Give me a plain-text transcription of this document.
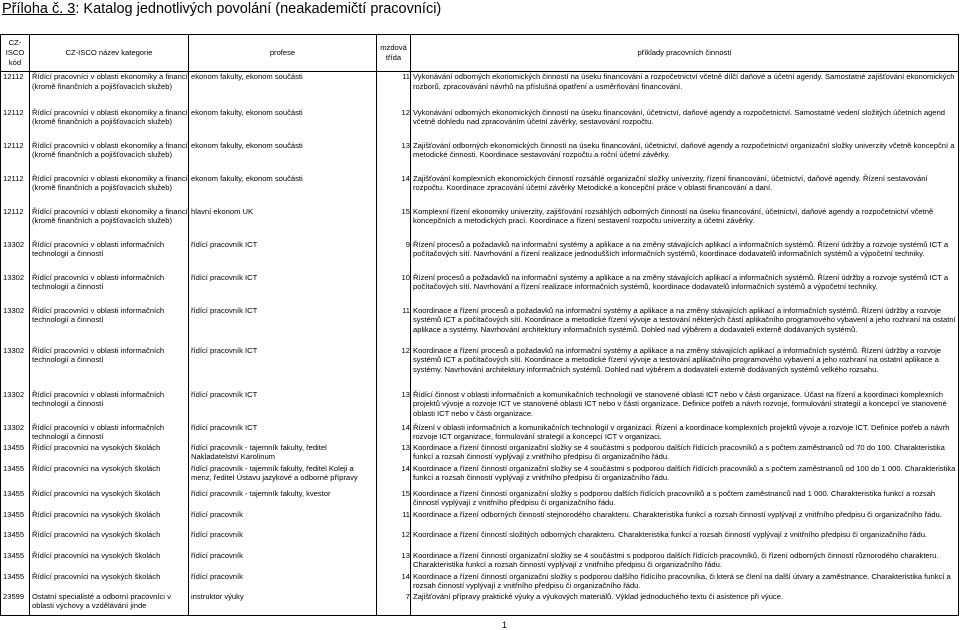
Příloha č. 3: Katalog jednotlivých povolání (neakademičtí pracovníci)
CZ-ISCO kód	CZ-ISCO název kategorie	profese	mzdová třída	příklady pracovních činností
12112	Řídící pracovníci v oblasti ekonomiky a financí (kromě finančních a pojišťovacích služeb)	ekonom fakulty, ekonom součásti	11	Vykonávání odborných ekonomických činností na úseku financování a rozpočetnictví včetně dílčí daňové a účetní agendy. Samostatné zajišťování ekonomických rozborů, zpracovávání návrhů na příslušná opatření a usměrňování financování.
12112	Řídící pracovníci v oblasti ekonomiky a financí (kromě finančních a pojišťovacích služeb)	ekonom fakulty, ekonom součásti	12	Vykonávání odborných ekonomických činností na úseku financování, účetnictví, daňové agendy a rozpočetnictví. Samostatné vedení složitých účetních agend včetně dohledu nad zpracováním účetní závěrky, sestavování rozpočtu.
12112	Řídící pracovníci v oblasti ekonomiky a financí (kromě finančních a pojišťovacích služeb)	ekonom fakulty, ekonom součásti	13	Zajišťování odborných ekonomických činností na úseku financování, účetnictví, daňové agendy a rozpočetnictví organizační složky univerzity včetně koncepční a metodické činnosti. Koordinace sestavování rozpočtu a roční účetní závěrky.
12112	Řídící pracovníci v oblasti ekonomiky a financí (kromě finančních a pojišťovacích služeb)	ekonom fakulty, ekonom součásti	14	Zajišťování komplexních ekonomických činností rozsáhlé organizační složky univerzity, řízení financování, účetnictví, daňové agendy. Řízení sestavování rozpočtu. Koordinace zpracování účetní závěrky Metodické a koncepční práce v oblasti financování a daní.
12112	Řídící pracovníci v oblasti ekonomiky a financí (kromě finančních a pojišťovacích služeb)	hlavní ekonom UK	15	Komplexní řízení ekonomiky univerzity, zajišťování rozsáhlých odborných činností na úseku financování, účetnictví, daňové agendy a rozpočetnictví včetně koncepčních a metodických prací. Koordinace a řízení sestavení rozpočtu univerzity a účetní závěrky.
13302	Řídící pracovníci v oblasti informačních technologií a činností	řídící pracovník ICT	9	Řízení procesů a požadavků na informační systémy a aplikace a na změny stávajících aplikací a informačních systémů. Řízení údržby a rozvoje systémů ICT a počítačových sítí. Navrhování a řízení realizace jednodušších informačních systémů, koordinace dodavatelů informačních systémů a výpočetní techniky.
13302	Řídící pracovníci v oblasti informačních technologií a činností	řídící pracovník ICT	10	Řízení procesů a požadavků na informační systémy a aplikace a na změny stávajících aplikací a informačních systémů. Řízení údržby a rozvoje systémů ICT a počítačových sítí. Navrhování a řízení realizace informačních systémů, koordinace dodavatelů informačních systémů a výpočetní techniky.
13302	Řídící pracovníci v oblasti informačních technologií a činností	řídící pracovník ICT	11	Koordinace a řízení procesů a požadavků na informační systémy a aplikace a na změny stávajících aplikací a informačních systémů. Řízení údržby a rozvoje systémů ICT a počítačových sítí. Koordinace a metodické řízení vývoje a testování některých částí aplikačního programového vybavení a jeho rozhraní na ostatní aplikace a systémy. Navrhování architektury informačních systémů. Dohled nad výběrem a dodavateli externě dodávaných systémů.
13302	Řídící pracovníci v oblasti informačních technologií a činností	řídící pracovník ICT	12	Koordinace a řízení procesů a požadavků na informační systémy a aplikace a na změny stávajících aplikací a informačních systémů. Řízení údržby a rozvoje systémů ICT a počítačových sítí. Koordinace a metodické řízení vývoje a testování aplikačního programového vybavení a jeho rozhraní na ostatní aplikace a systémy. Navrhování architektury informačních systémů. Dohled nad výběrem a dodavateli externě dodávaných systémů velkého rozsahu.
13302	Řídící pracovníci v oblasti informačních technologií a činností	řídící pracovník ICT	13	Řídící činnost v oblasti informačních a komunikačních technologií ve stanovené oblasti ICT nebo v části organizace. Účast na řízení a koordinaci komplexních projektů vývoje a rozvoje ICT ve stanovené oblasti ICT nebo v části organizace. Definice potřeb a návrh rozvoje, formulování strategií a koncepcí ve stanovené oblasti ICT nebo v části organizace.
13302	Řídící pracovníci v oblasti informačních technologií a činností	řídící pracovník ICT	14	Řízení v oblasti informačních a komunikačních technologií v organizaci. Řízení a koordinace komplexních projektů vývoje a rozvoje ICT. Definice potřeb a návrh rozvoje ICT organizace, formulování strategií a koncepcí ICT v organizaci.
13455	Řídící pracovníci na vysokých školách	řídící pracovník - tajemník fakulty, ředitel Nakladatelství Karolinum	13	Koordinace a řízení činností organizační složky se 4 součástmi s podporou dalších řídících pracovníků a s počtem zaměstnanců od 70 do 100. Charakteristika funkcí a rozsah činností vyplývají z vnitřního předpisu či organizačního řádu.
13455	Řídící pracovníci na vysokých školách	řídící pracovník - tajemník fakulty, ředitel Koleji a menz, ředitel Ústavu jazykové a odborné přípravy	14	Koordinace a řízení činností organizační složky se 4 součástmi s podporou dalších řídících pracovníků a s počtem zaměstnanců od 100 do 1 000. Charakteristika funkcí a rozsah činností vyplývají z vnitřního předpisu či organizačního řádu.
13455	Řídící pracovníci na vysokých školách	řídící pracovník - tajemník fakulty, kvestor	15	Koordinace a řízení činností organizační složky s podporou dalších řídících pracovníků a s počtem zaměstnanců nad 1 000. Charakteristika funkcí a rozsah činností vyplývají z vnitřního předpisu či organizačního řádu.
13455	Řídící pracovníci na vysokých školách	řídící pracovník	11	Koordinace a řízení odborných činností stejnorodého charakteru. Charakteristika funkcí a rozsah činností vyplývají z vnitřního předpisu či organizačního řádu.
13455	Řídící pracovníci na vysokých školách	řídící pracovník	12	Koordinace a řízení činností složitých odborných charakteru. Charakteristika funkcí a rozsah činností vyplývají z vnitřního předpisu či organizačního řádu.
13455	Řídící pracovníci na vysokých školách	řídící pracovník	13	Koordinace a řízení činností organizační složky se 4 součástmi s podporou dalších řídících pracovníků, či řízení odborných činností různorodého charakteru. Charakteristika funkcí a rozsah činností vyplývají z vnitřního předpisu či organizačního řádu.
13455	Řídící pracovníci na vysokých školách	řídící pracovník	14	Koordinace a řízení činností organizační složky s podporou dalšího řídícího pracovníka, či která se člení na další útvary a zaměstnance. Charakteristika funkcí a rozsah činností vyplývají z vnitřního předpisu či organizačního řádu.
23599	Ostatní specialisté a odborní pracovníci v oblasti výchovy a vzdělávání jinde	instruktor výuky	7	Zajišťování přípravy praktické výuky a výukových materiálů. Výklad jednoduchého textu či asistence při výuce.
1
